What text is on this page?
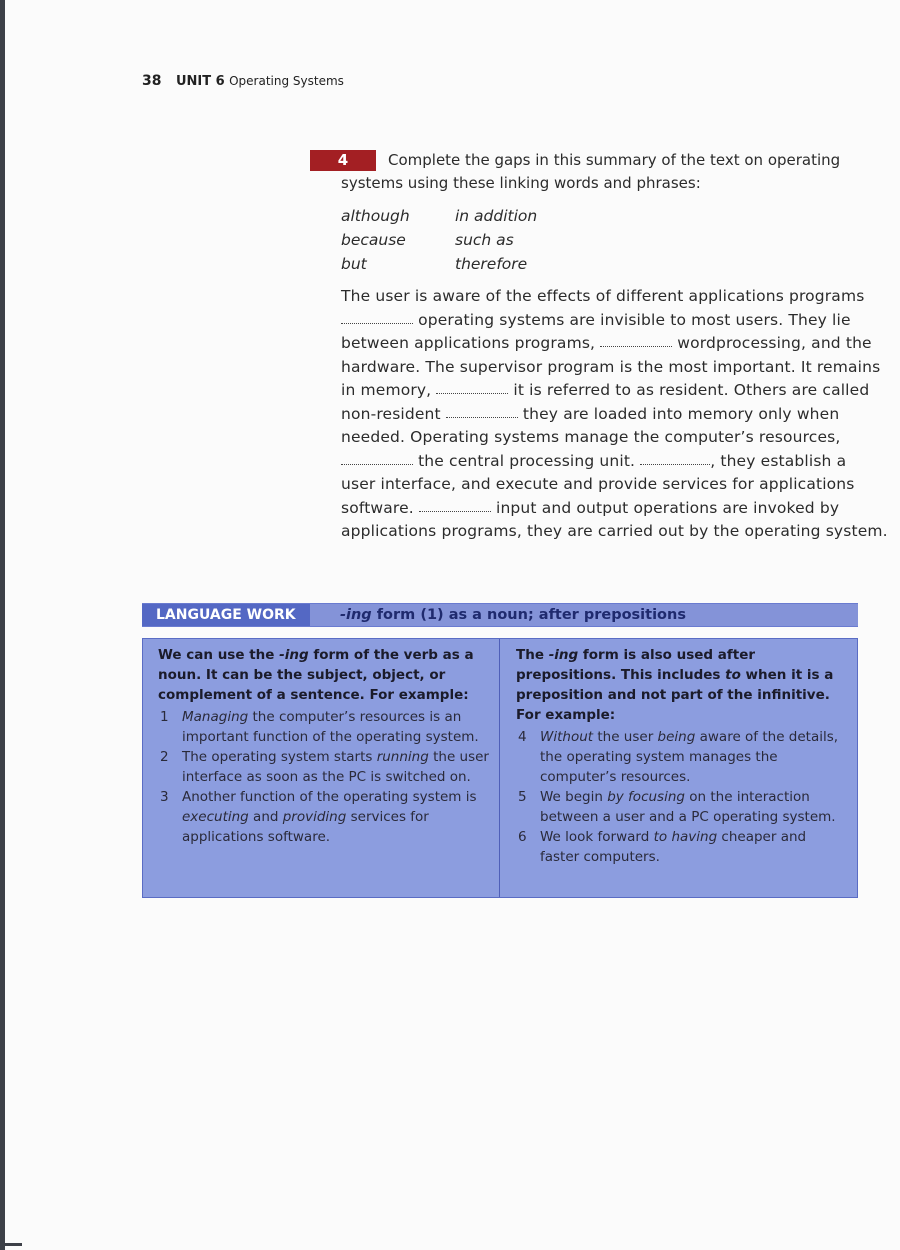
38 UNIT 6 Operating Systems
4	Complete the gaps in this summary of the text on operating systems using these linking words and phrases:

although	in addition
because	such as
but	therefore
The user is aware of the effects of different applications programs
operating systems are invisible to most users. They lie
between applications programs,	wordprocessing, and the
hardware. The supervisor program is the most important. It remains
in memory,	it is referred to as resident. Others are called
non-resident	they are loaded into memory only when
needed. Operating systems manage the computer’s resources,
the central processing unit.	, they establish a
user interface, and execute and provide services for applications
software.	input and output operations are invoked by
applications programs, they are carried out by the operating system.
LANGUAGE WORK	-ing form (1) as a noun; after prepositions

We can use the -ing form of the verb as a noun. It can be the subject, object, or complement of a sentence. For example:

1 Managing the computer’s resources is an important function of the operating system.
2 The operating system starts running the user interface as soon as the PC is switched on.
3 Another function of the operating system is executing and providing services for applications software.

The -ing form is also used after prepositions. This includes to when it is a preposition and not part of the infinitive. For example:

4 Without the user being aware of the details, the operating system manages the computer’s resources.
5 We begin by focusing on the interaction between a user and a PC operating system.
6 We look forward to having cheaper and faster computers.
